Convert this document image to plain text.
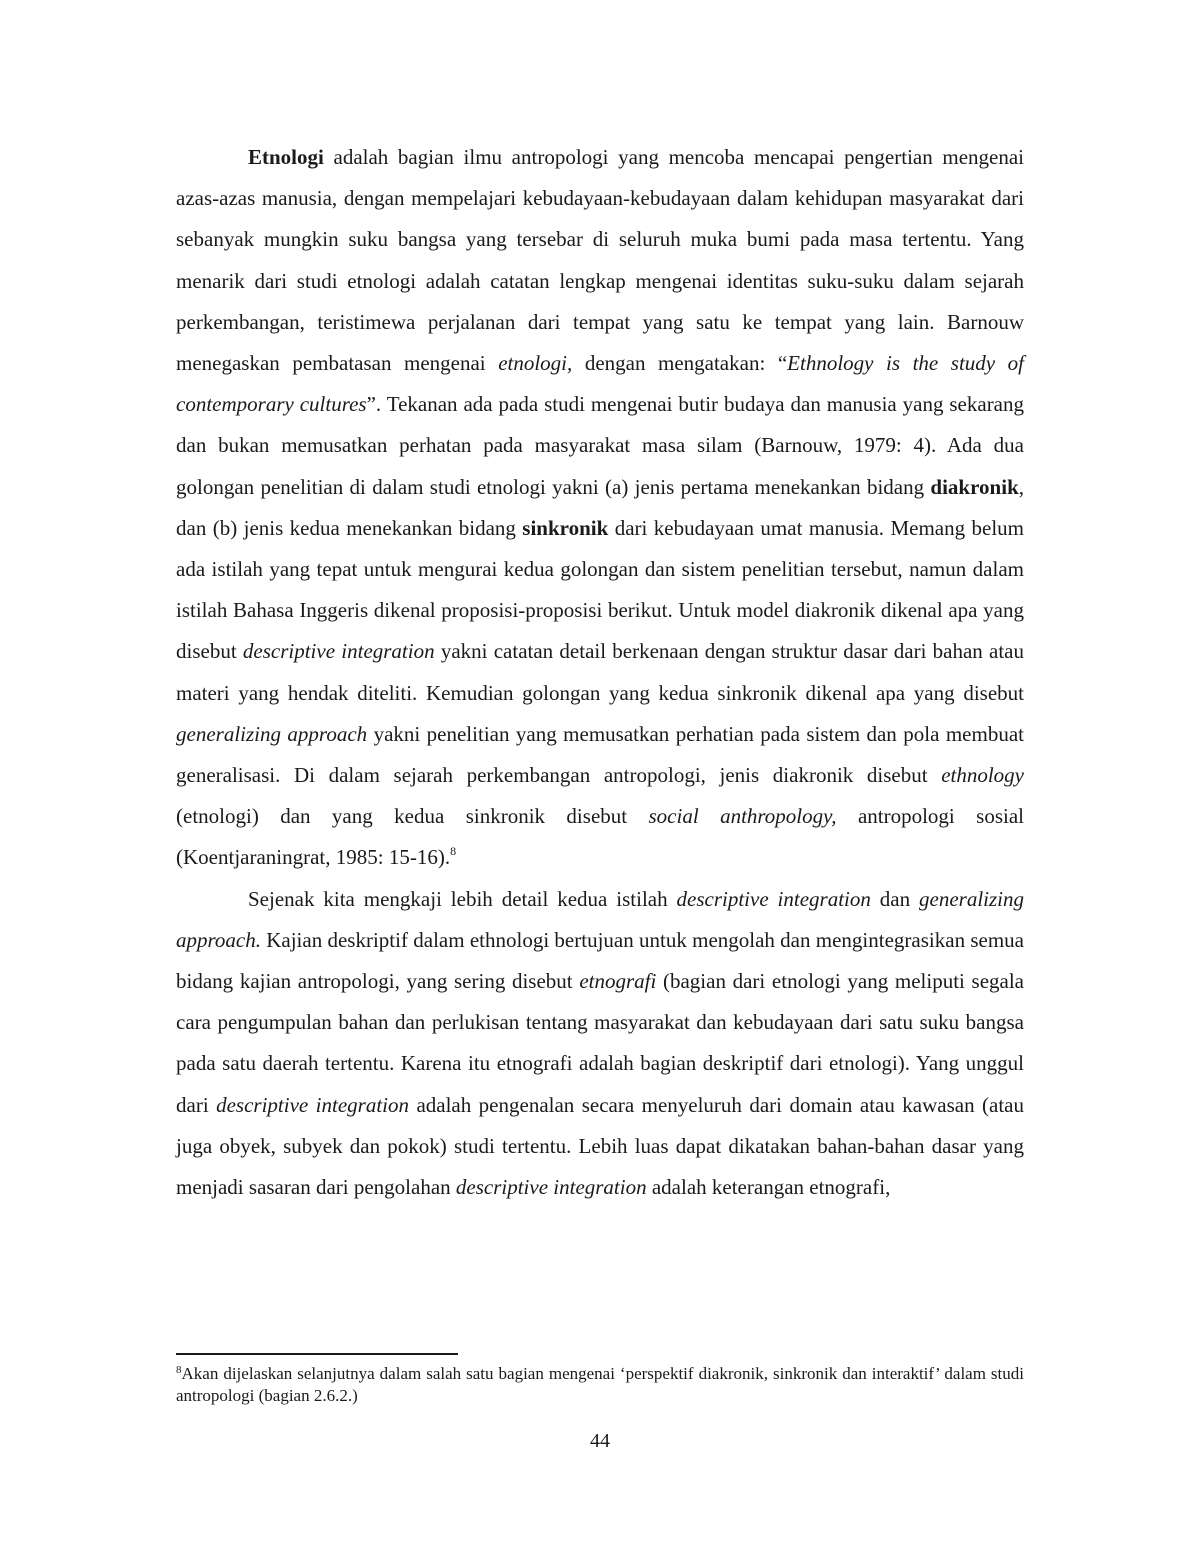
Etnologi adalah bagian ilmu antropologi yang mencoba mencapai pengertian mengenai azas-azas manusia, dengan mempelajari kebudayaan-kebudayaan dalam kehidupan masyarakat dari sebanyak mungkin suku bangsa yang tersebar di seluruh muka bumi pada masa tertentu. Yang menarik dari studi etnologi adalah catatan lengkap mengenai identitas suku-suku dalam sejarah perkembangan, teristimewa perjalanan dari tempat yang satu ke tempat yang lain. Barnouw menegaskan pembatasan mengenai etnologi, dengan mengatakan: “Ethnology is the study of contemporary cultures”. Tekanan ada pada studi mengenai butir budaya dan manusia yang sekarang dan bukan memusatkan perhatan pada masyarakat masa silam (Barnouw, 1979: 4). Ada dua golongan penelitian di dalam studi etnologi yakni (a) jenis pertama menekankan bidang diakronik, dan (b) jenis kedua menekankan bidang sinkronik dari kebudayaan umat manusia. Memang belum ada istilah yang tepat untuk mengurai kedua golongan dan sistem penelitian tersebut, namun dalam istilah Bahasa Inggeris dikenal proposisi-proposisi berikut. Untuk model diakronik dikenal apa yang disebut descriptive integration yakni catatan detail berkenaan dengan struktur dasar dari bahan atau materi yang hendak diteliti. Kemudian golongan yang kedua sinkronik dikenal apa yang disebut generalizing approach yakni penelitian yang memusatkan perhatian pada sistem dan pola membuat generalisasi. Di dalam sejarah perkembangan antropologi, jenis diakronik disebut ethnology (etnologi) dan yang kedua sinkronik disebut social anthropology, antropologi sosial (Koentjaraningrat, 1985: 15-16).$^8$

Sejenak kita mengkaji lebih detail kedua istilah descriptive integration dan generalizing approach. Kajian deskriptif dalam ethnologi bertujuan untuk mengolah dan mengintegrasikan semua bidang kajian antropologi, yang sering disebut etnografi (bagian dari etnologi yang meliputi segala cara pengumpulan bahan dan perlukisan tentang masyarakat dan kebudayaan dari satu suku bangsa pada satu daerah tertentu. Karena itu etnografi adalah bagian deskriptif dari etnologi). Yang unggul dari descriptive integration adalah pengenalan secara menyeluruh dari domain atau kawasan (atau juga obyek, subyek dan pokok) studi tertentu. Lebih luas dapat dikatakan bahan-bahan dasar yang menjadi sasaran dari pengolahan descriptive integration adalah keterangan etnografi,

$^8$Akan dijelaskan selanjutnya dalam salah satu bagian mengenai ‘perspektif diakronik, sinkronik dan interaktif’ dalam studi antropologi (bagian 2.6.2.)

44
